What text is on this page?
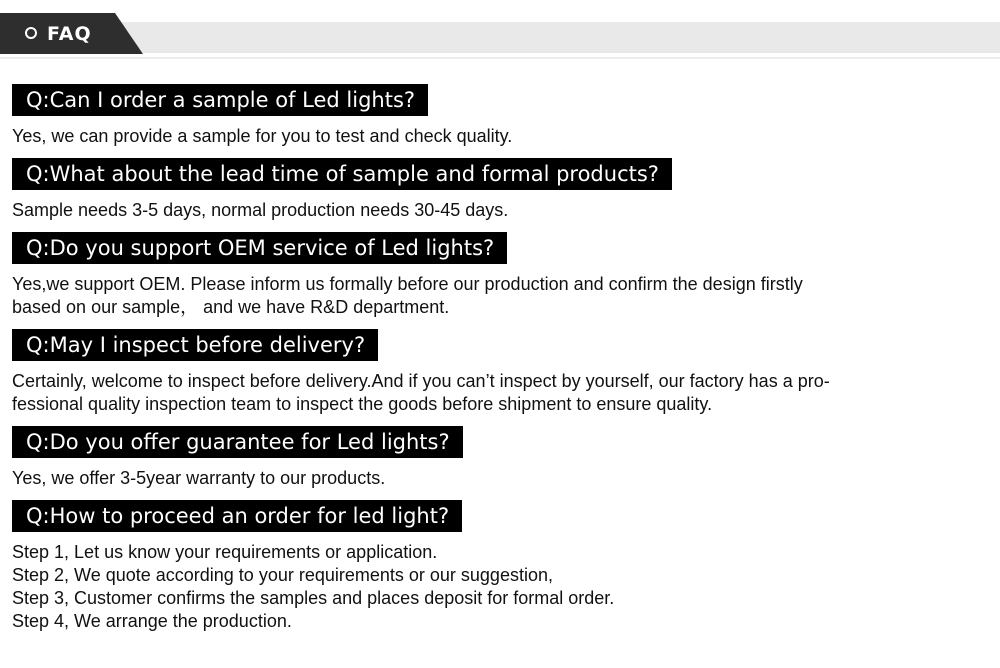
FAQ
Q:Can I order a sample of Led lights?
Yes, we can provide a sample for you to test and check quality.
Q:What about the lead time of sample and formal products?
Sample needs 3-5 days, normal production needs 30-45 days.
Q:Do you support OEM service of Led lights?
Yes,we support OEM. Please inform us formally before our production and confirm the design firstly
based on our sample， and we have R&D department.
Q:May I inspect before delivery?
Certainly, welcome to inspect before delivery.And if you can’t inspect by yourself, our factory has a pro-
fessional quality inspection team to inspect the goods before shipment to ensure quality.
Q:Do you offer guarantee for Led lights?
Yes, we offer 3-5year warranty to our products.
Q:How to proceed an order for led light?
Step 1, Let us know your requirements or application.
Step 2, We quote according to your requirements or our suggestion,
Step 3, Customer confirms the samples and places deposit for formal order.
Step 4, We arrange the production.
